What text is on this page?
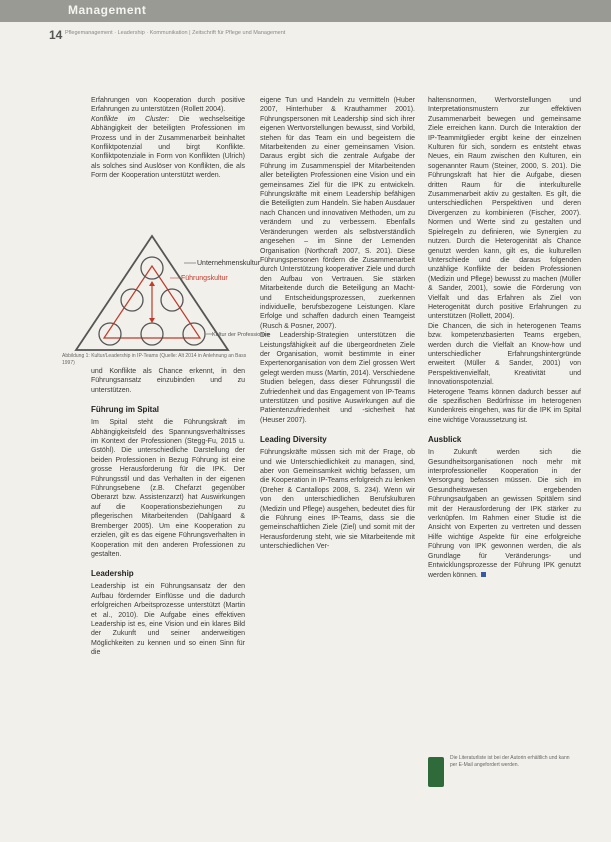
Management
14 Pflegemanagement · Leadership · Kommunikation | Zeitschrift für Pflege und Management

Erfahrungen von Kooperation durch positive Erfahrungen zu unterstützen (Rollett 2004).

Konflikte im Cluster: Die wechselseitige Abhängigkeit der beteiligten Professionen im Prozess und in der Zusammenarbeit beinhaltet Konfliktpotenzial und birgt Konflikte. Konfliktpotenziale in Form von Konflikten (Ulrich) als solches sind Auslöser von Konflikten, die als Form der Kooperation unterstützt werden.

Unternehmenskultur
Führungskultur
Kultur der Professionen
Abbildung 1: Kultur/Leadership in IP-Teams (Quelle: Alt 2014 in Anlehnung an Bass 1997)

und Konflikte als Chance erkennt, in den Führungsansatz einzubinden und zu unterstützen.

Führung im Spital

Im Spital steht die Führungskraft im Abhängigkeitsfeld des Spannungsverhältnisses im Kontext der Professionen (Stegg-Fu, 2015 u. Gstöhl). Die unterschiedliche Darstellung der beiden Professionen in Bezug Führung ist eine grosse Herausforderung für die IPK. Der Führungsstil und das Verhalten in der eigenen Führungsebene (z.B. Chefarzt gegenüber Oberarzt bzw. Assistenzarzt) hat Auswirkungen auf die Kooperationsbeziehungen zu pflegerischen Mitarbeitenden (Dahlgaard & Bremberger 2005). Um eine Kooperation zu erzielen, gilt es das eigene Führungsverhalten in Kooperation mit den anderen Professionen zu gestalten.

Leadership

Leadership ist ein Führungsansatz der den Aufbau fördernder Einflüsse und die dadurch erfolgreichen Arbeitsprozesse unterstützt (Martin et al., 2010). Die Aufgabe eines effektiven Leadership ist es, eine Vision und ein klares Bild der Zukunft und seiner anderweitigen Möglichkeiten zu kennen und so einen Sinn für die

eigene Tun und Handeln zu vermitteln (Huber 2007, Hinterhuber & Krauthammer 2001). Führungspersonen mit Leadership sind sich ihrer eigenen Wertvorstellungen bewusst, sind Vorbild, stehen für das Team ein und begeistern die Mitarbeitenden zu einer gemeinsamen Vision. Daraus ergibt sich die zentrale Aufgabe der Führung im Zusammenspiel der Mitarbeitenden aller beteiligten Professionen eine Vision und ein gemeinsames Ziel für die IPK zu entwickeln. Führungskräfte mit einem Leadership befähigen die Beteiligten zum Handeln. Sie haben Ausdauer nach Chancen und innovativen Methoden, um zu verändern und zu verbessern. Ebenfalls Veränderungen werden als selbstverständlich angesehen – im Sinne der Lernenden Organisation (Northcraft 2007, S. 201). Diese Führungspersonen fördern die Zusammenarbeit durch Unterstützung kooperativer Ziele und durch den Aufbau von Vertrauen. Sie stärken Mitarbeitende durch die Beteiligung an Macht- und Entscheidungsprozessen, zuerkennen individuelle, berufsbezogene Leistungen. Klare Erfolge und schaffen dadurch einen Teamgeist (Rusch & Posner, 2007).

Die Leadership-Strategien unterstützen die Leistungsfähigkeit auf die übergeordneten Ziele der Organisation, womit bestimmte in einer Expertenorganisation von dem Ziel grossen Wert gelegt werden muss (Martin, 2014). Verschiedene Studien belegen, dass dieser Führungsstil die Zufriedenheit und das Engagement von IP-Teams unterstützen und positive Auswirkungen auf die Patientenzufriedenheit und -sicherheit hat (Heuser 2007).

Leading Diversity

Führungskräfte müssen sich mit der Frage, ob und wie Unterschiedlichkeit zu managen, sind, aber von Gemeinsamkeit wichtig befassen, um die Kooperation in IP-Teams erfolgreich zu lenken (Dreher & Cantallops 2008, S. 234). Wenn wir von den unterschiedlichen Berufskulturen (Medizin und Pflege) ausgehen, bedeutet dies für die Führung eines IP-Teams, dass sie die gemeinschaftlichen Ziele (Ziel) und somit mit der Herausforderung steht, wie sie Mitarbeitende mit unterschiedlichen Ver-

haltensnormen, Wertvorstellungen und Interpretationsmustern zur effektiven Zusammenarbeit bewegen und gemeinsame Ziele erreichen kann. Durch die Interaktion der IP-Teammitglieder ergibt keine der einzelnen Kulturen für sich, sondern es entsteht etwas Neues, ein Raum zwischen den Kulturen, ein sogenannter Raum (Steiner, 2000, S. 201). Die Führungskraft hat hier die Aufgabe, diesen dritten Raum für die interkulturelle Zusammenarbeit aktiv zu gestalten. Es gilt, die unterschiedlichen Perspektiven und deren Divergenzen zu kombinieren (Fischer, 2007). Normen und Werte sind zu gestalten und Spielregeln zu definieren, wie Synergien zu nutzen. Durch die Heterogenität als Chance genutzt werden kann, gilt es, die kulturellen Unterschiede und die daraus folgenden unzählige Konflikte der beiden Professionen (Medizin und Pflege) bewusst zu machen (Müller & Sander, 2001), sowie die Förderung von Vielfalt und das Erfahren als Ziel von Heterogenität durch positive Erfahrungen zu unterstützen (Rollett, 2004).

Die Chancen, die sich in heterogenen Teams bzw. kompetenzbasierten Teams ergeben, werden durch die Vielfalt an Know-how und unterschiedlicher Erfahrungshintergründe erweitert (Müller & Sander, 2001) von Perspektivenvielfalt, Kreativität und Innovationspotenzial.

Heterogene Teams können dadurch besser auf die spezifischen Bedürfnisse im heterogenen Kundenkreis eingehen, was für die IPK im Spital eine wichtige Voraussetzung ist.

Ausblick

In Zukunft werden sich die Gesundheitsorganisationen noch mehr mit interprofessioneller Kooperation in der Versorgung befassen müssen. Die sich im Gesundheitswesen ergebenden Führungsaufgaben an gewissen Spitälern sind mit der Herausforderung der IPK stärker zu verknüpfen. Im Rahmen einer Studie ist die Ansicht von Experten zu vertreten und dessen Hilfe wichtige Aspekte für eine erfolgreiche Führung von IPK gewonnen werden, die als Grundlage für Veränderungs- und Entwicklungsprozesse der Führung IPK genutzt werden können.

Die Literaturliste ist bei der Autorin erhältlich und kann per E-Mail angefordert werden.
